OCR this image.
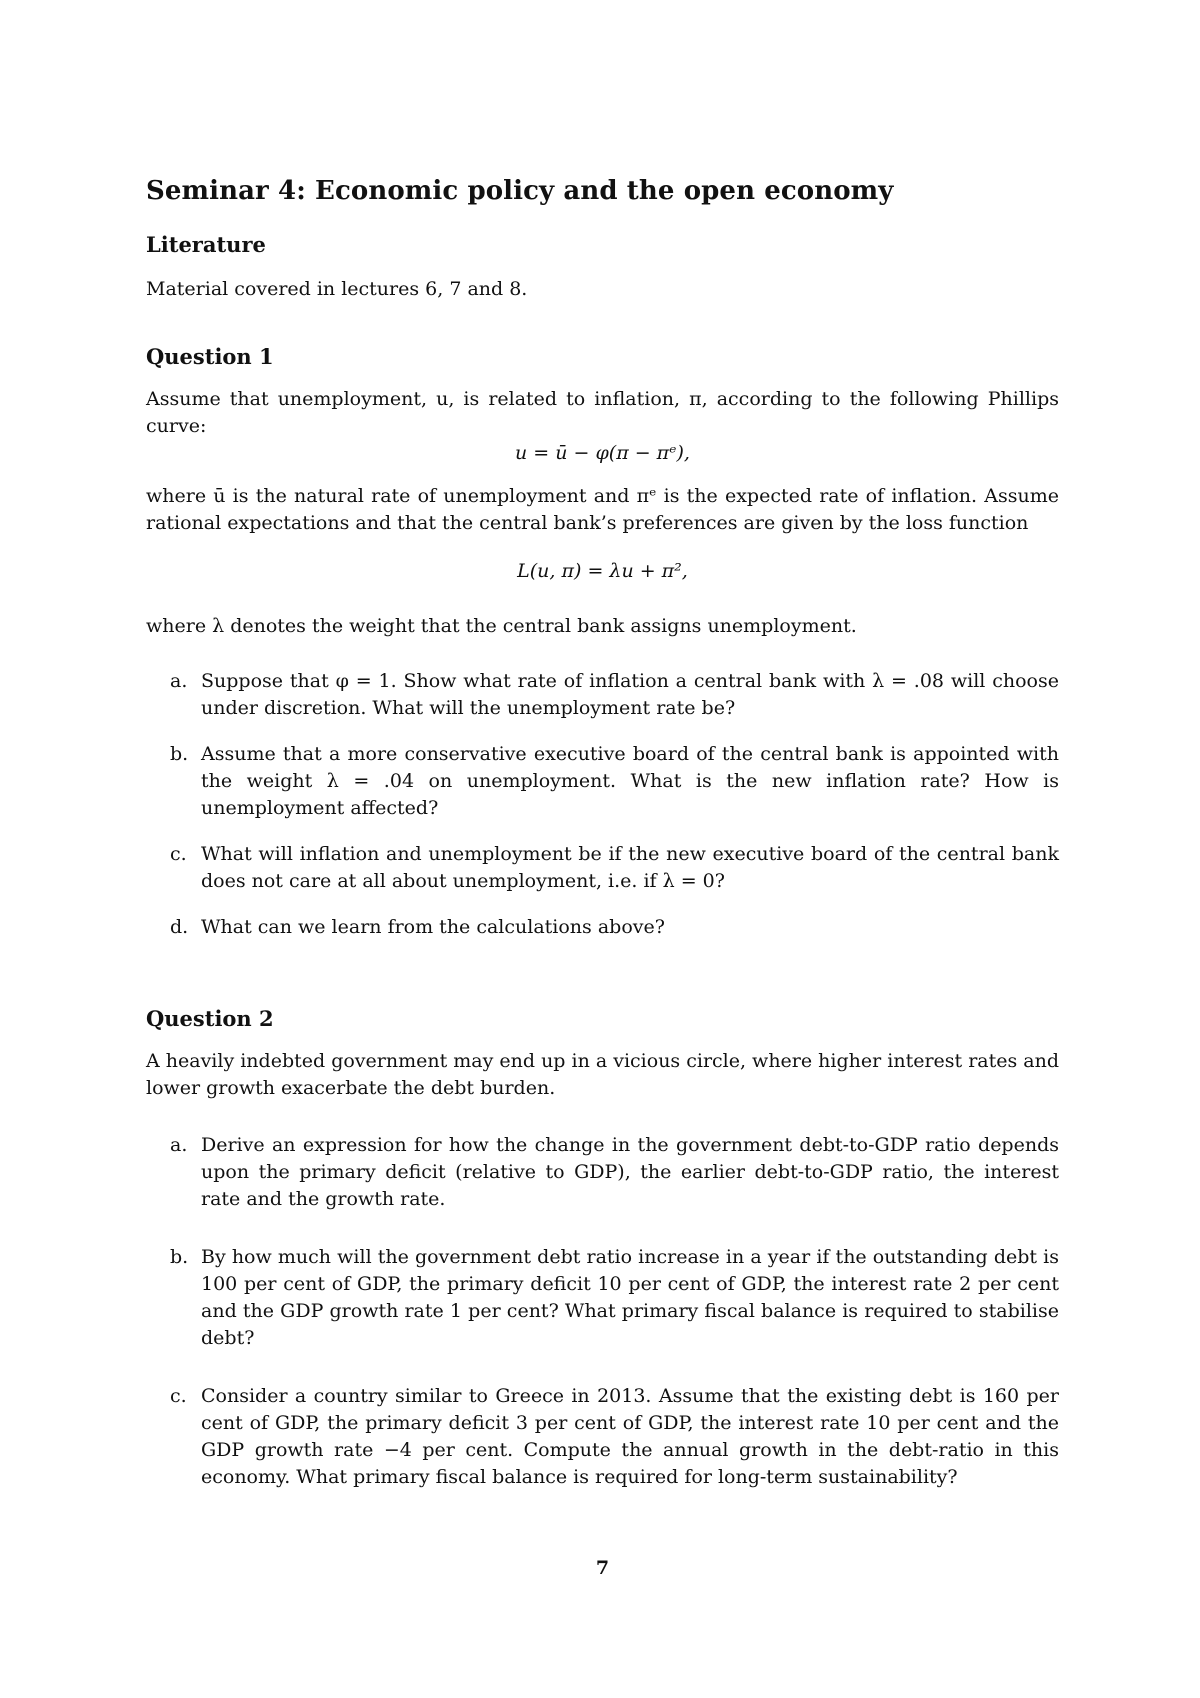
Seminar 4: Economic policy and the open economy
Literature
Material covered in lectures 6, 7 and 8.
Question 1
Assume that unemployment, u, is related to inflation, π, according to the following Phillips curve:
u = ū − φ(π − πᵉ),
where ū is the natural rate of unemployment and πᵉ is the expected rate of inflation. Assume rational expectations and that the central bank’s preferences are given by the loss function
L(u, π) = λu + π²,
where λ denotes the weight that the central bank assigns unemployment.
a. Suppose that φ = 1. Show what rate of inflation a central bank with λ = .08 will choose under discretion. What will the unemployment rate be?
b. Assume that a more conservative executive board of the central bank is appointed with the weight λ = .04 on unemployment. What is the new inflation rate? How is unemployment affected?
c. What will inflation and unemployment be if the new executive board of the central bank does not care at all about unemployment, i.e. if λ = 0?
d. What can we learn from the calculations above?
Question 2
A heavily indebted government may end up in a vicious circle, where higher interest rates and lower growth exacerbate the debt burden.
a. Derive an expression for how the change in the government debt-to-GDP ratio depends upon the primary deficit (relative to GDP), the earlier debt-to-GDP ratio, the interest rate and the growth rate.
b. By how much will the government debt ratio increase in a year if the outstanding debt is 100 per cent of GDP, the primary deficit 10 per cent of GDP, the interest rate 2 per cent and the GDP growth rate 1 per cent? What primary fiscal balance is required to stabilise debt?
c. Consider a country similar to Greece in 2013. Assume that the existing debt is 160 per cent of GDP, the primary deficit 3 per cent of GDP, the interest rate 10 per cent and the GDP growth rate −4 per cent. Compute the annual growth in the debt-ratio in this economy. What primary fiscal balance is required for long-term sustainability?
7
